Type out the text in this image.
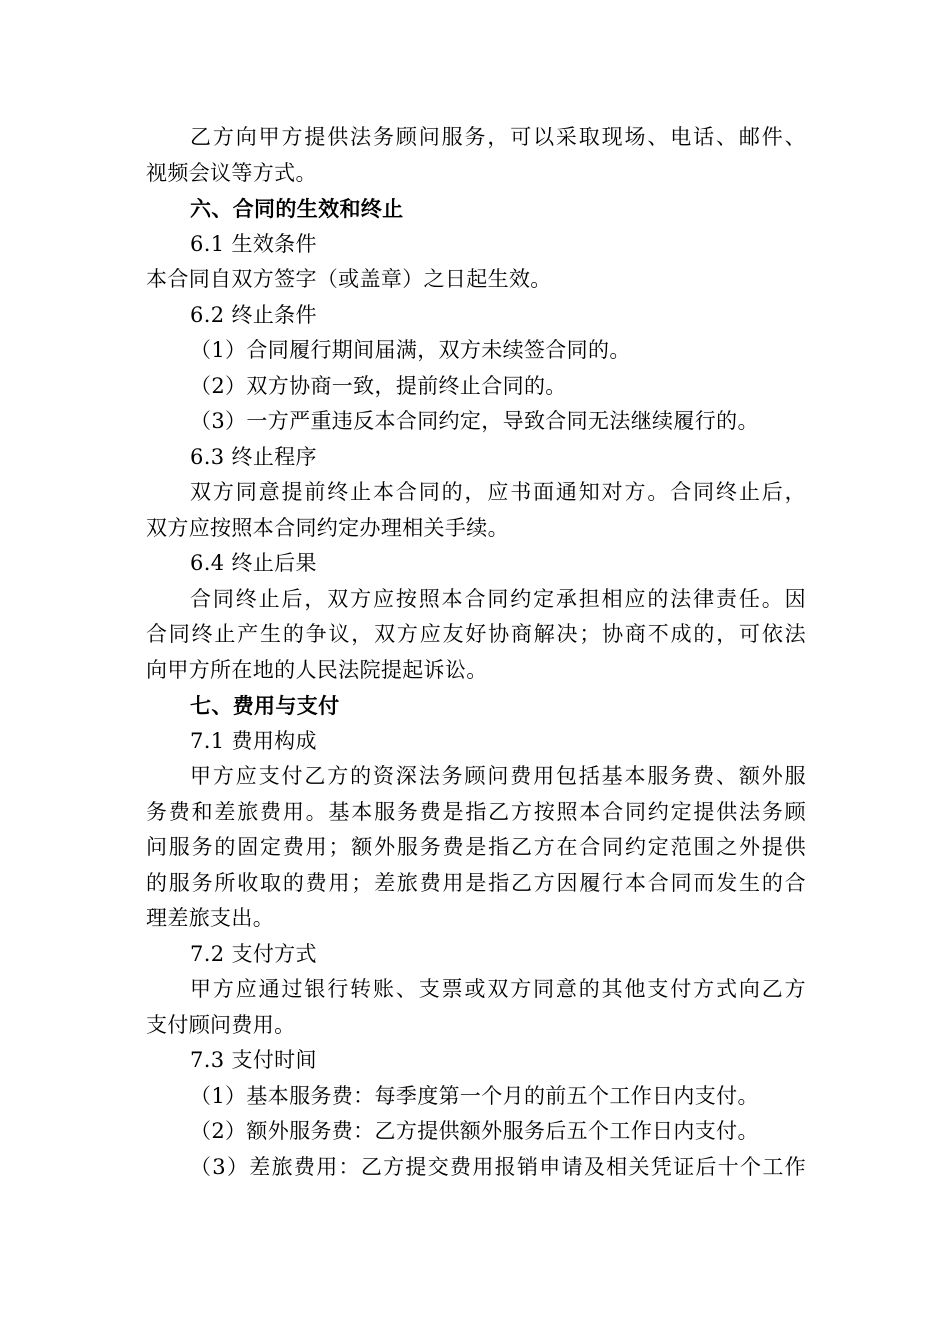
乙方向甲方提供法务顾问服务，可以采取现场、电话、邮件、
视频会议等方式。
六、合同的生效和终止
6.1 生效条件
本合同自双方签字（或盖章）之日起生效。
6.2 终止条件
（1）合同履行期间届满，双方未续签合同的。
（2）双方协商一致，提前终止合同的。
（3）一方严重违反本合同约定，导致合同无法继续履行的。
6.3 终止程序
双方同意提前终止本合同的，应书面通知对方。合同终止后，
双方应按照本合同约定办理相关手续。
6.4 终止后果
合同终止后，双方应按照本合同约定承担相应的法律责任。因
合同终止产生的争议，双方应友好协商解决；协商不成的，可依法
向甲方所在地的人民法院提起诉讼。
七、费用与支付
7.1 费用构成
甲方应支付乙方的资深法务顾问费用包括基本服务费、额外服
务费和差旅费用。基本服务费是指乙方按照本合同约定提供法务顾
问服务的固定费用；额外服务费是指乙方在合同约定范围之外提供
的服务所收取的费用；差旅费用是指乙方因履行本合同而发生的合
理差旅支出。
7.2 支付方式
甲方应通过银行转账、支票或双方同意的其他支付方式向乙方
支付顾问费用。
7.3 支付时间
（1）基本服务费：每季度第一个月的前五个工作日内支付。
（2）额外服务费：乙方提供额外服务后五个工作日内支付。
（3）差旅费用：乙方提交费用报销申请及相关凭证后十个工作
